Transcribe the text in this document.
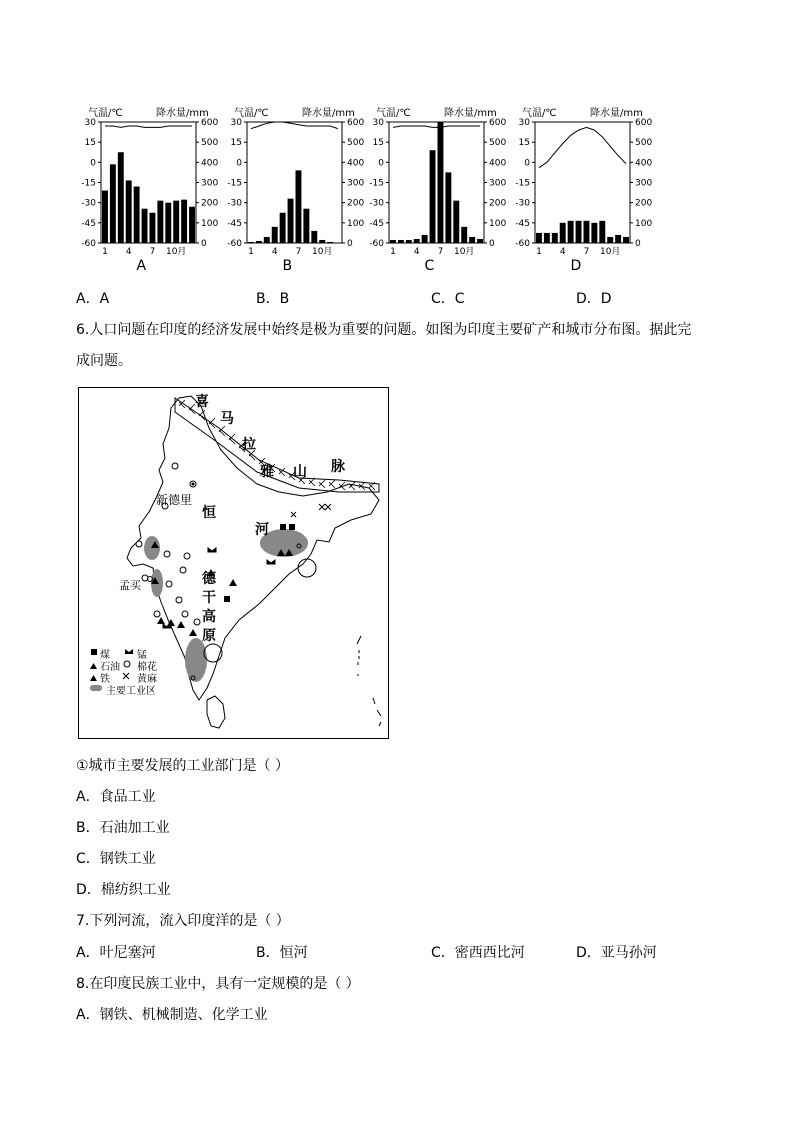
气温/℃	降水量/mm
30
15
0
-15
-30
-45
-60
600
500
400
300
200
100
0
1 4 7 10月
A
气温/℃	降水量/mm
30
15
0
-15
-30
-45
-60
600
500
400
300
200
100
0
1 4 7 10月
B
气温/℃	降水量/mm
30
15
0
-15
-30
-45
-60
600
500
400
300
200
100
0
1 4 7 10月
C
气温/℃	降水量/mm
30
15
0
-15
-30
-45
-60
600
500
400
300
200
100
0
1 4 7 10月
D
A．A	B．B	C．C	D．D
6.人口问题在印度的经济发展中始终是极为重要的问题。如图为印度主要矿产和城市分布图。据此完
成问题。
喜
马
拉
雅 山 脉
恒
河
新德里
孟买	德
干
高
原
煤	锰
石油 棉花
铁	黄麻
主要工业区
①城市主要发展的工业部门是（ ）
A．食品工业
B．石油加工业
C．钢铁工业
D．棉纺织工业
7.下列河流，流入印度洋的是（ ）
A．叶尼塞河	B．恒河	C．密西西比河	D．亚马孙河
8.在印度民族工业中，具有一定规模的是（ ）
A．钢铁、机械制造、化学工业
